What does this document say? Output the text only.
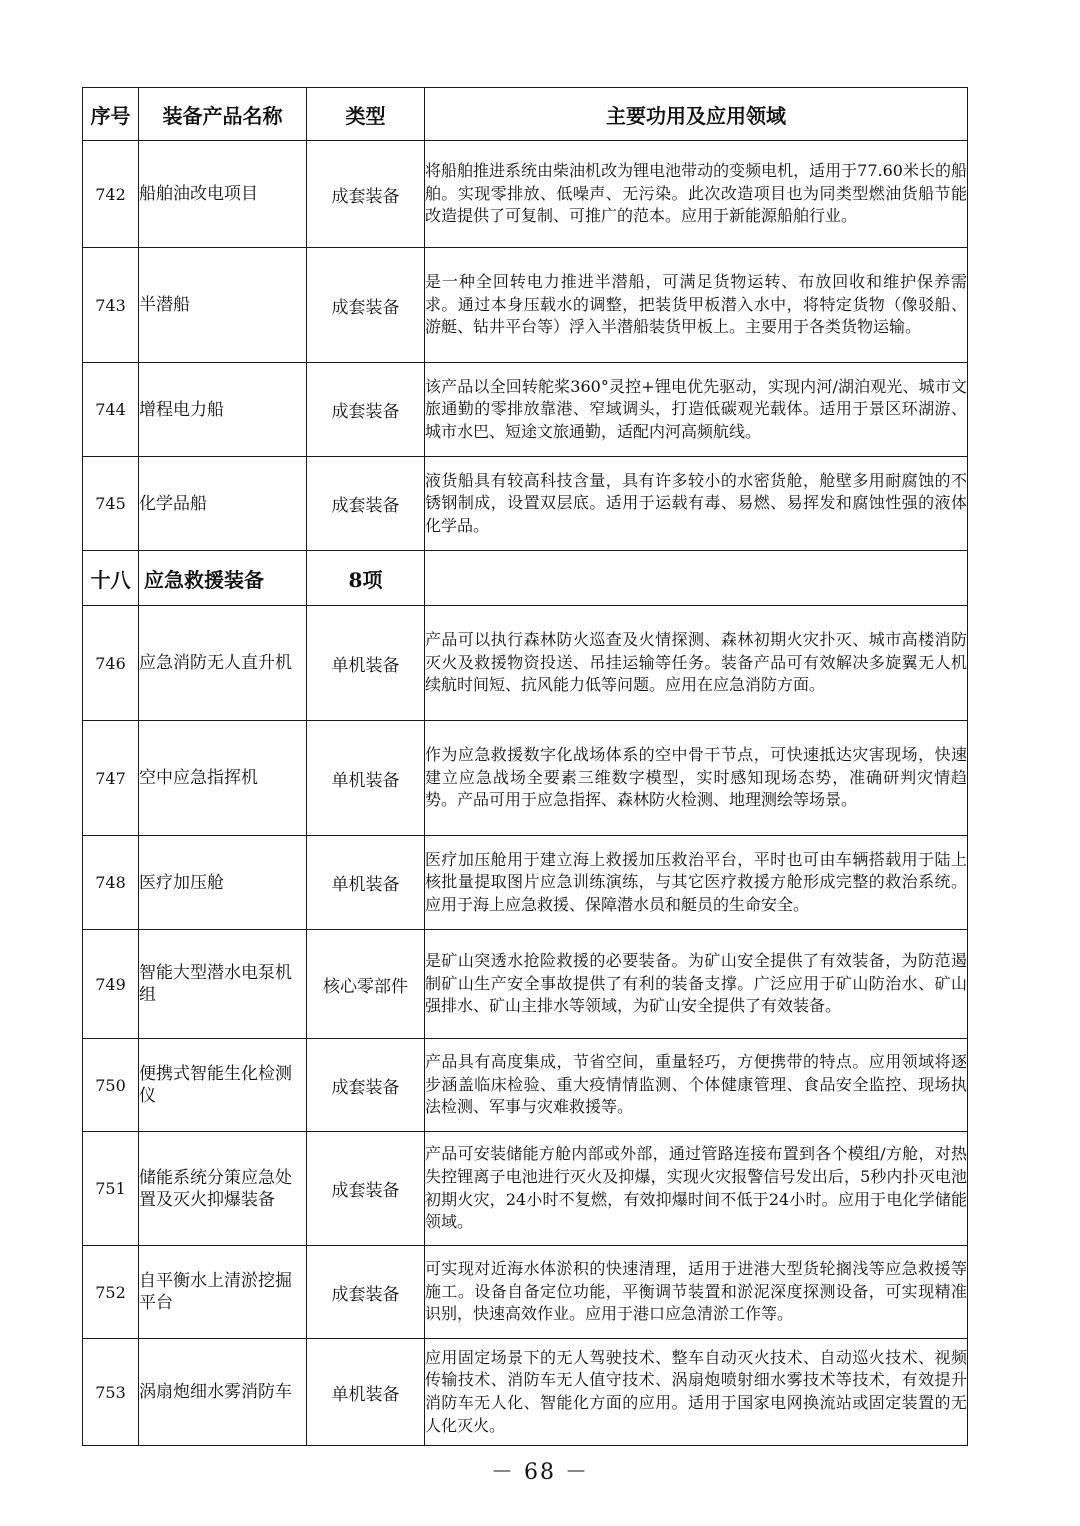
序号	装备产品名称	类型	主要功用及应用领域
742	船舶油改电项目	成套装备	将船舶推进系统由柴油机改为锂电池带动的变频电机，适用于77.60米长的船舶。实现零排放、低噪声、无污染。此次改造项目也为同类型燃油货船节能改造提供了可复制、可推广的范本。应用于新能源船舶行业。
743	半潜船	成套装备	是一种全回转电力推进半潜船，可满足货物运转、布放回收和维护保养需求。通过本身压载水的调整，把装货甲板潜入水中，将特定货物（像驳船、游艇、钻井平台等）浮入半潜船装货甲板上。主要用于各类货物运输。
744	增程电力船	成套装备	该产品以全回转舵桨360°灵控+锂电优先驱动，实现内河/湖泊观光、城市文旅通勤的零排放靠港、窄域调头，打造低碳观光载体。适用于景区环湖游、城市水巴、短途文旅通勤，适配内河高频航线。
745	化学品船	成套装备	液货船具有较高科技含量，具有许多较小的水密货舱，舱壁多用耐腐蚀的不锈钢制成，设置双层底。适用于运载有毒、易燃、易挥发和腐蚀性强的液体化学品。
十八	应急救援装备	8项	
746	应急消防无人直升机	单机装备	产品可以执行森林防火巡查及火情探测、森林初期火灾扑灭、城市高楼消防灭火及救援物资投送、吊挂运输等任务。装备产品可有效解决多旋翼无人机续航时间短、抗风能力低等问题。应用在应急消防方面。
747	空中应急指挥机	单机装备	作为应急救援数字化战场体系的空中骨干节点，可快速抵达灾害现场，快速建立应急战场全要素三维数字模型，实时感知现场态势，准确研判灾情趋势。产品可用于应急指挥、森林防火检测、地理测绘等场景。
748	医疗加压舱	单机装备	医疗加压舱用于建立海上救援加压救治平台，平时也可由车辆搭载用于陆上核批量提取图片应急训练演练，与其它医疗救援方舱形成完整的救治系统。应用于海上应急救援、保障潜水员和艇员的生命安全。
749	智能大型潜水电泵机组	核心零部件	是矿山突透水抢险救援的必要装备。为矿山安全提供了有效装备，为防范遏制矿山生产安全事故提供了有利的装备支撑。广泛应用于矿山防治水、矿山强排水、矿山主排水等领域，为矿山安全提供了有效装备。
750	便携式智能生化检测仪	成套装备	产品具有高度集成，节省空间，重量轻巧，方便携带的特点。应用领域将逐步涵盖临床检验、重大疫情情监测、个体健康管理、食品安全监控、现场执法检测、军事与灾难救援等。
751	储能系统分策应急处置及灭火抑爆装备	成套装备	产品可安装储能方舱内部或外部，通过管路连接布置到各个模组/方舱，对热失控锂离子电池进行灭火及抑爆，实现火灾报警信号发出后，5秒内扑灭电池初期火灾，24小时不复燃，有效抑爆时间不低于24小时。应用于电化学储能领域。
752	自平衡水上清淤挖掘平台	成套装备	可实现对近海水体淤积的快速清理，适用于进港大型货轮搁浅等应急救援等施工。设备自备定位功能，平衡调节装置和淤泥深度探测设备，可实现精准识别，快速高效作业。应用于港口应急清淤工作等。
753	涡扇炮细水雾消防车	单机装备	应用固定场景下的无人驾驶技术、整车自动灭火技术、自动巡火技术、视频传输技术、消防车无人值守技术、涡扇炮喷射细水雾技术等技术，有效提升消防车无人化、智能化方面的应用。适用于国家电网换流站或固定装置的无人化灭火。
－ 68 －
